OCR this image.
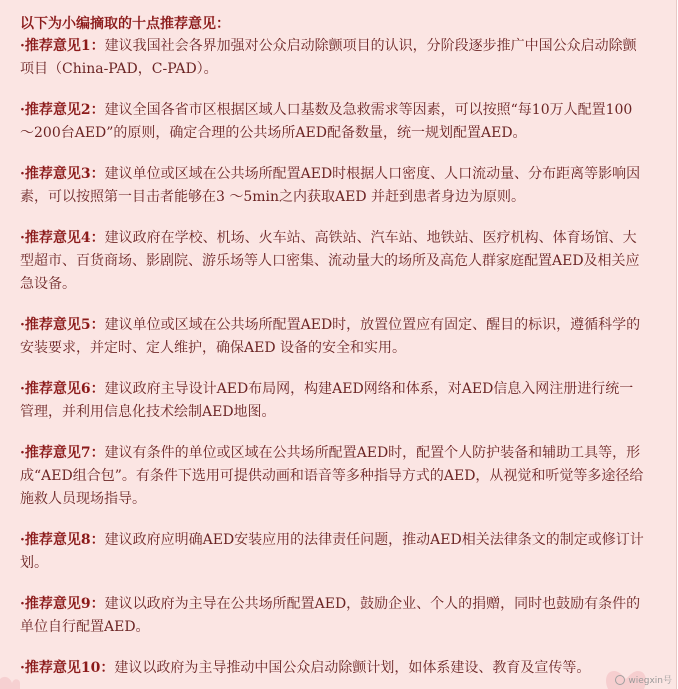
以下为小编摘取的十点推荐意见：

·推荐意见1：建议我国社会各界加强对公众启动除颤项目的认识，分阶段逐步推广中国公众启动除颤项目（China-PAD，C-PAD）。

·推荐意见2：建议全国各省市区根据区域人口基数及急救需求等因素，可以按照“每10万人配置100～200台AED”的原则，确定合理的公共场所AED配备数量，统一规划配置AED。

·推荐意见3：建议单位或区域在公共场所配置AED时根据人口密度、人口流动量、分布距离等影响因素，可以按照第一目击者能够在3 ～5min之内获取AED 并赶到患者身边为原则。

·推荐意见4：建议政府在学校、机场、火车站、高铁站、汽车站、地铁站、医疗机构、体育场馆、大型超市、百货商场、影剧院、游乐场等人口密集、流动量大的场所及高危人群家庭配置AED及相关应急设备。

·推荐意见5：建议单位或区域在公共场所配置AED时，放置位置应有固定、醒目的标识，遵循科学的安装要求，并定时、定人维护，确保AED 设备的安全和实用。

·推荐意见6：建议政府主导设计AED布局网，构建AED网络和体系，对AED信息入网注册进行统一管理，并利用信息化技术绘制AED地图。

·推荐意见7：建议有条件的单位或区域在公共场所配置AED时，配置个人防护装备和辅助工具等，形成“AED组合包”。有条件下选用可提供动画和语音等多种指导方式的AED，从视觉和听觉等多途径给施救人员现场指导。

·推荐意见8：建议政府应明确AED安装应用的法律责任问题，推动AED相关法律条文的制定或修订计划。

·推荐意见9：建议以政府为主导在公共场所配置AED，鼓励企业、个人的捐赠，同时也鼓励有条件的单位自行配置AED。

·推荐意见10：建议以政府为主导推动中国公众启动除颤计划，如体系建设、教育及宣传等。

wiegxin号
